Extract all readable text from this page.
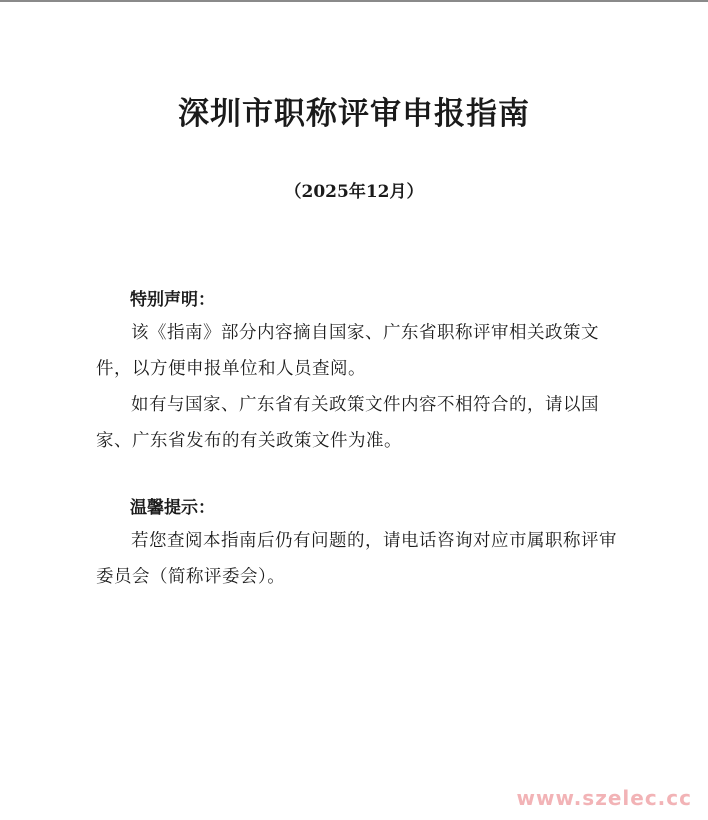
深圳市职称评审申报指南
（2025年12月）
特别声明：
该《指南》部分内容摘自国家、广东省职称评审相关政策文件，以方便申报单位和人员查阅。
如有与国家、广东省有关政策文件内容不相符合的，请以国家、广东省发布的有关政策文件为准。
温馨提示：
若您查阅本指南后仍有问题的，请电话咨询对应市属职称评审委员会（简称评委会）。
www.szelec.cc
